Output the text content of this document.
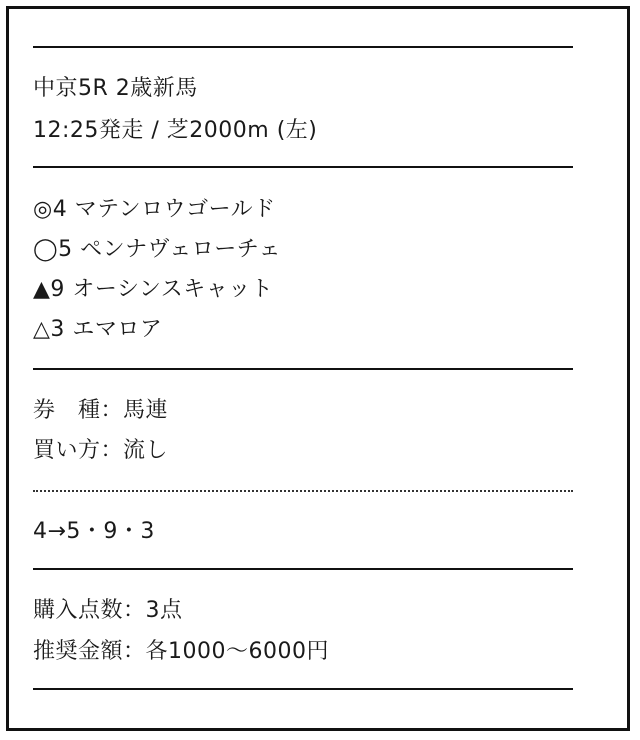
中京5R 2歳新馬
12:25発走 / 芝2000m (左)
◎4 マテンロウゴールド
◯5 ペンナヴェローチェ
▲9 オーシンスキャット
△3 エマロア
券　種：馬連
買い方：流し
4→5・9・3
購入点数：3点
推奨金額：各1000〜6000円
